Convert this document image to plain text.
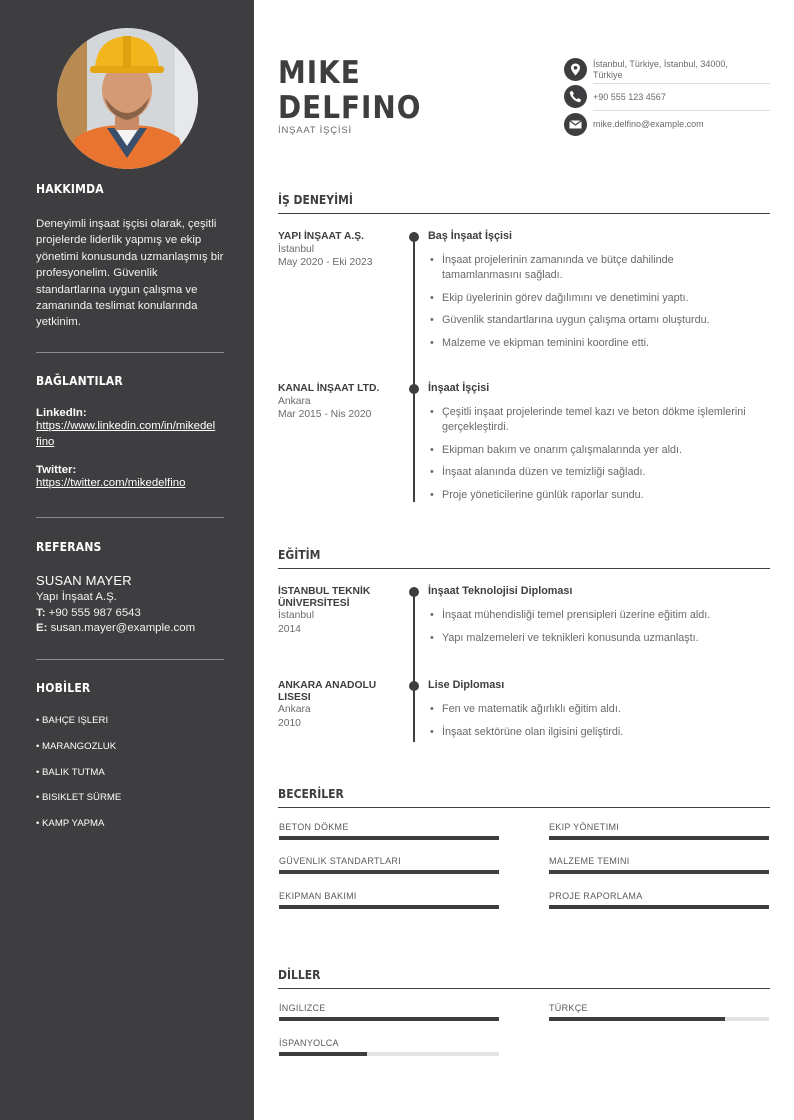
HAKKIMDA
Deneyimli inşaat işçisi olarak, çeşitli projelerde liderlik yapmış ve ekip yönetimi konusunda uzmanlaşmış bir profesyonelim. Güvenlik standartlarına uygun çalışma ve zamanında teslimat konularında yetkinim.
BAĞLANTILAR
LinkedIn:
https://www.linkedin.com/in/mikedelfino
Twitter:
https://twitter.com/mikedelfino
REFERANS
SUSAN MAYER
Yapı İnşaat A.Ş.
T: +90 555 987 6543
E: susan.mayer@example.com
HOBİLER
• BAHÇE IŞLERI
• MARANGOZLUK
• BALIK TUTMA
• BISIKLET SÜRME
• KAMP YAPMA
MIKE
DELFINO
İNŞAAT İŞÇİSİ
İstanbul, Türkiye, İstanbul, 34000, Türkiye
+90 555 123 4567
mike.delfino@example.com
İŞ DENEYİMİ
YAPI İNŞAAT A.Ş.
İstanbul
May 2020 - Eki 2023
Baş İnşaat İşçisi
• İnşaat projelerinin zamanında ve bütçe dahilinde tamamlanmasını sağladı.
• Ekip üyelerinin görev dağılımını ve denetimini yaptı.
• Güvenlik standartlarına uygun çalışma ortamı oluşturdu.
• Malzeme ve ekipman teminini koordine etti.
KANAL İNŞAAT LTD.
Ankara
Mar 2015 - Nis 2020
İnşaat İşçisi
• Çeşitli inşaat projelerinde temel kazı ve beton dökme işlemlerini gerçekleştirdi.
• Ekipman bakım ve onarım çalışmalarında yer aldı.
• İnşaat alanında düzen ve temizliği sağladı.
• Proje yöneticilerine günlük raporlar sundu.
EĞİTİM
İSTANBUL TEKNİK ÜNİVERSİTESİ
İstanbul
2014
İnşaat Teknolojisi Diploması
• İnşaat mühendisliği temel prensipleri üzerine eğitim aldı.
• Yapı malzemeleri ve teknikleri konusunda uzmanlaştı.
ANKARA ANADOLU LISESI
Ankara
2010
Lise Diploması
• Fen ve matematik ağırlıklı eğitim aldı.
• İnşaat sektörüne olan ilgisini geliştirdi.
BECERİLER
BETON DÖKME	EKIP YÖNETIMI
GÜVENLIK STANDARTLARI	MALZEME TEMINI
EKIPMAN BAKIMI	PROJE RAPORLAMA
DİLLER
İNGILIZCE	TÜRKÇE
İSPANYOLCA
